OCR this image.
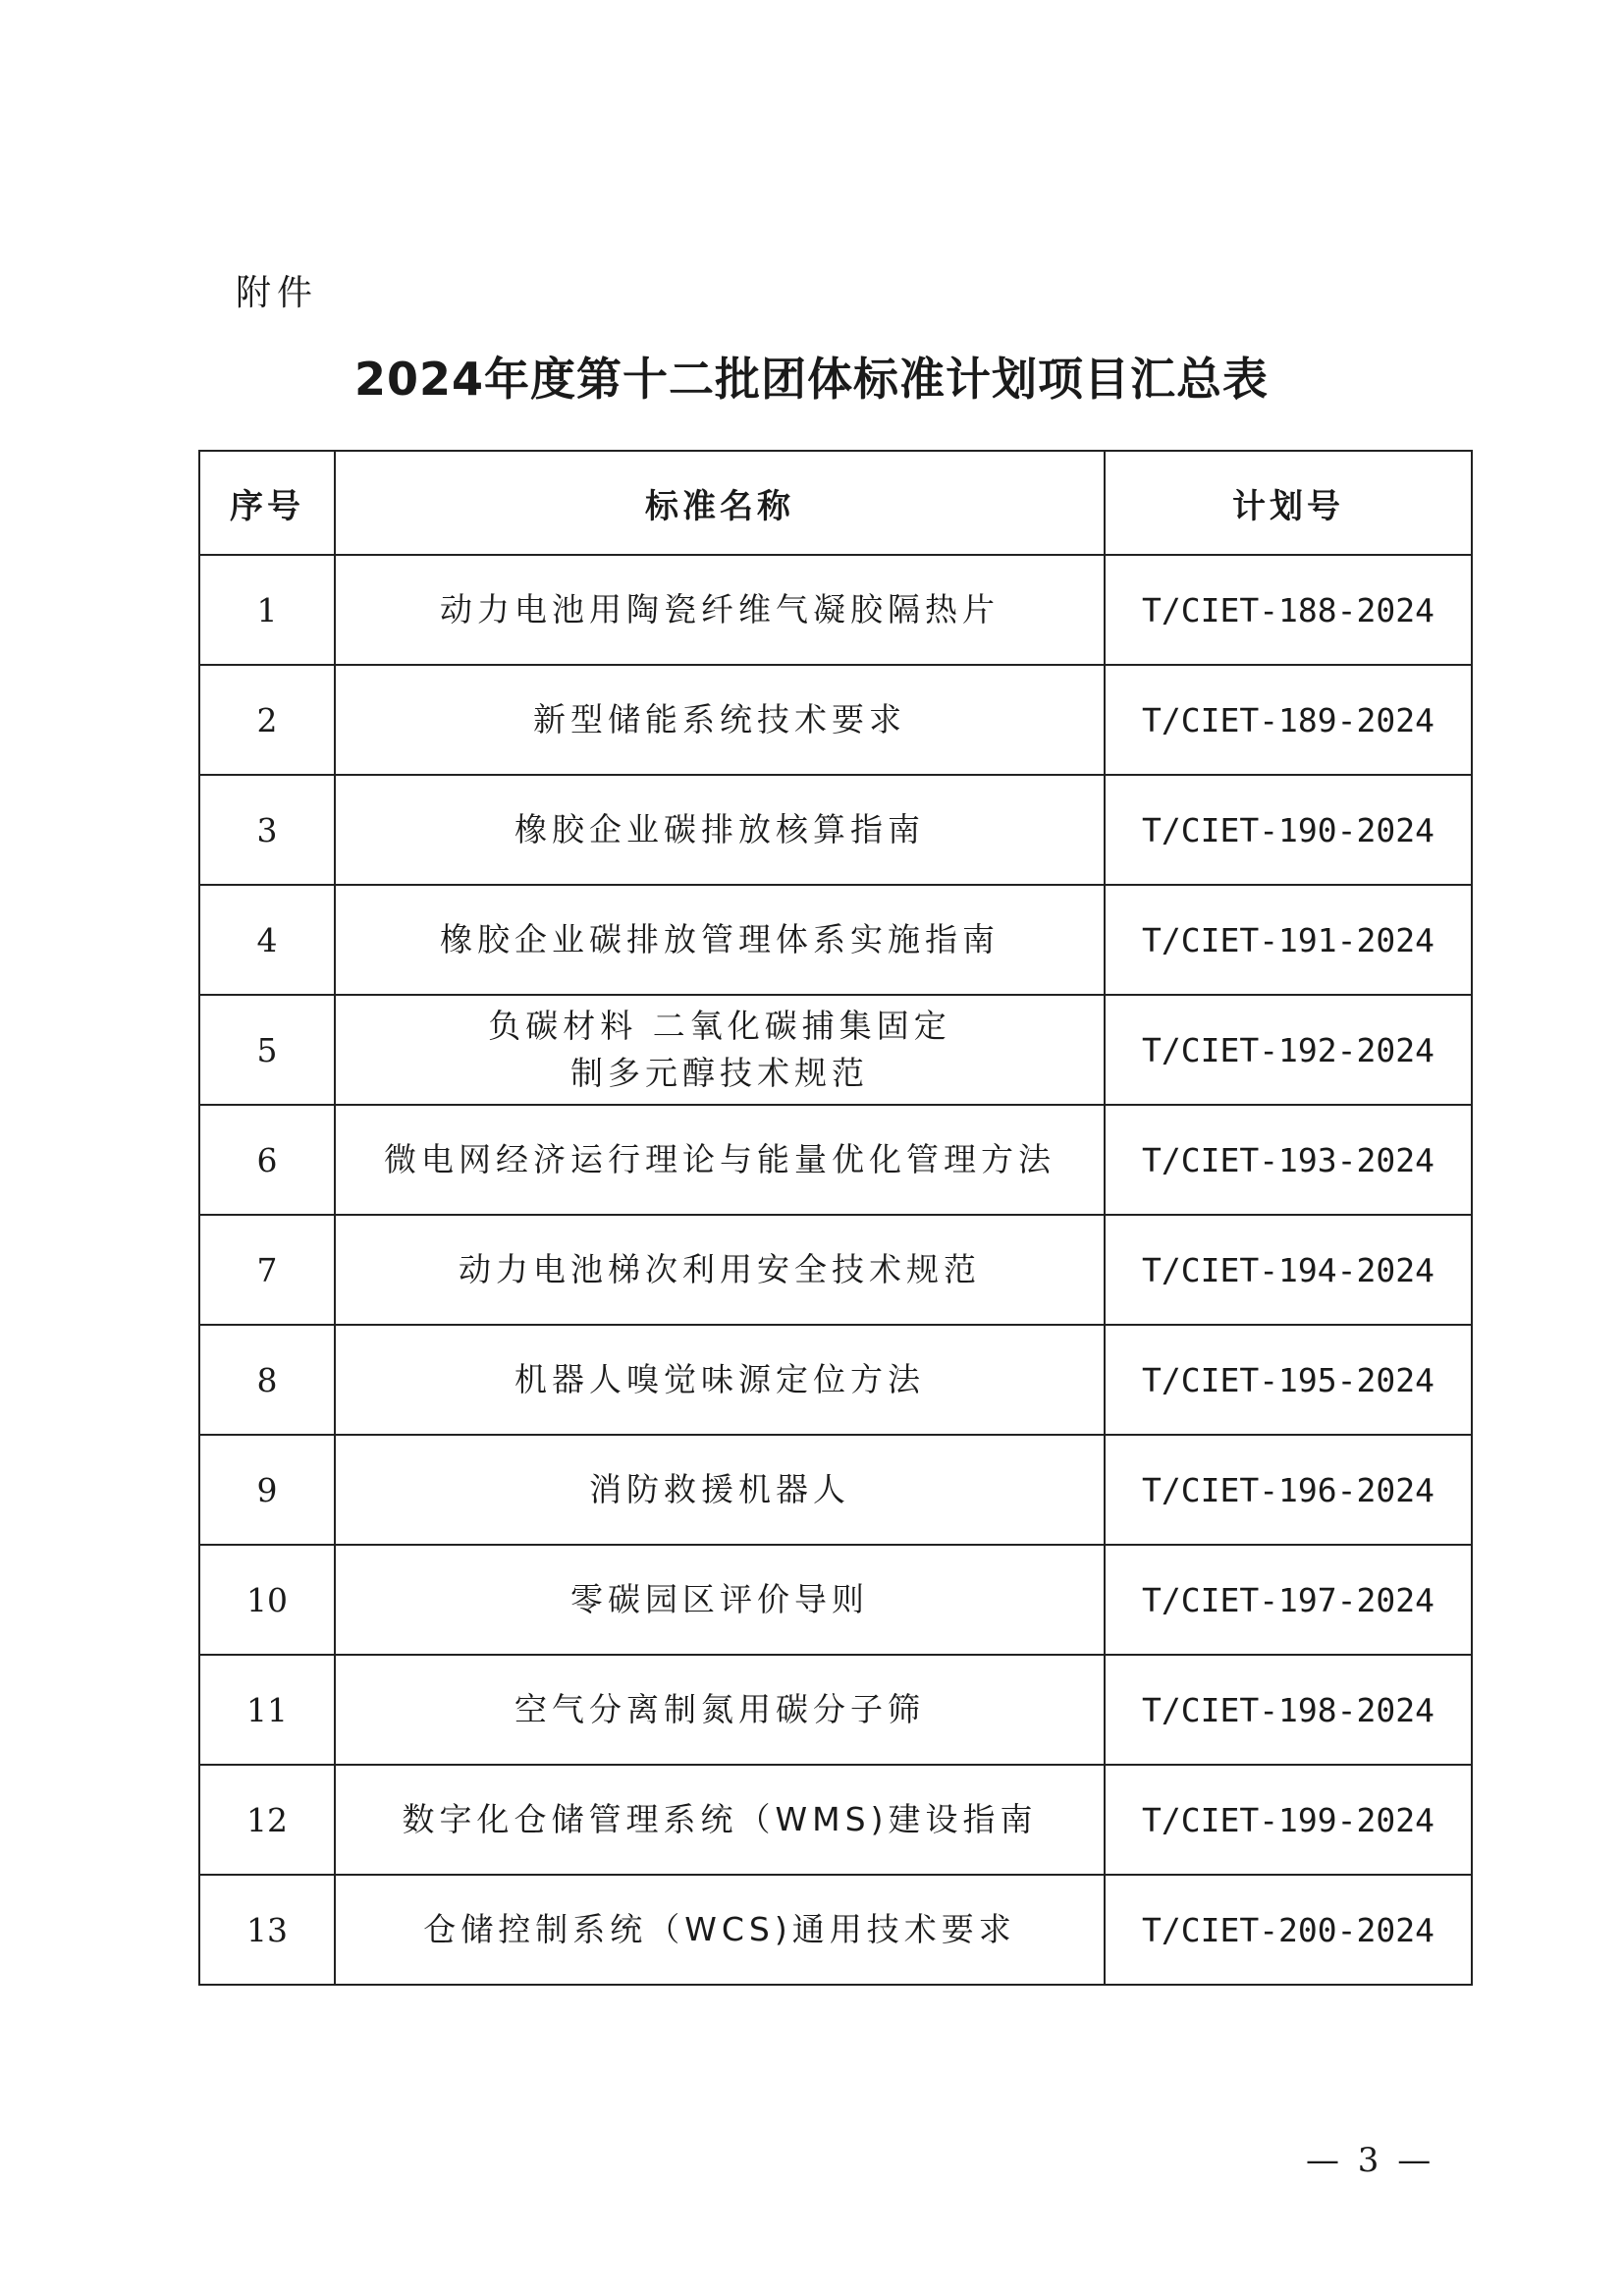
附件
2024年度第十二批团体标准计划项目汇总表
序号	标准名称	计划号
1	动力电池用陶瓷纤维气凝胶隔热片	T/CIET-188-2024
2	新型储能系统技术要求	T/CIET-189-2024
3	橡胶企业碳排放核算指南	T/CIET-190-2024
4	橡胶企业碳排放管理体系实施指南	T/CIET-191-2024
5	负碳材料 二氧化碳捕集固定
制多元醇技术规范	T/CIET-192-2024
6	微电网经济运行理论与能量优化管理方法	T/CIET-193-2024
7	动力电池梯次利用安全技术规范	T/CIET-194-2024
8	机器人嗅觉味源定位方法	T/CIET-195-2024
9	消防救援机器人	T/CIET-196-2024
10	零碳园区评价导则	T/CIET-197-2024
11	空气分离制氮用碳分子筛	T/CIET-198-2024
12	数字化仓储管理系统（WMS)建设指南	T/CIET-199-2024
13	仓储控制系统（WCS)通用技术要求	T/CIET-200-2024
— 3 —
